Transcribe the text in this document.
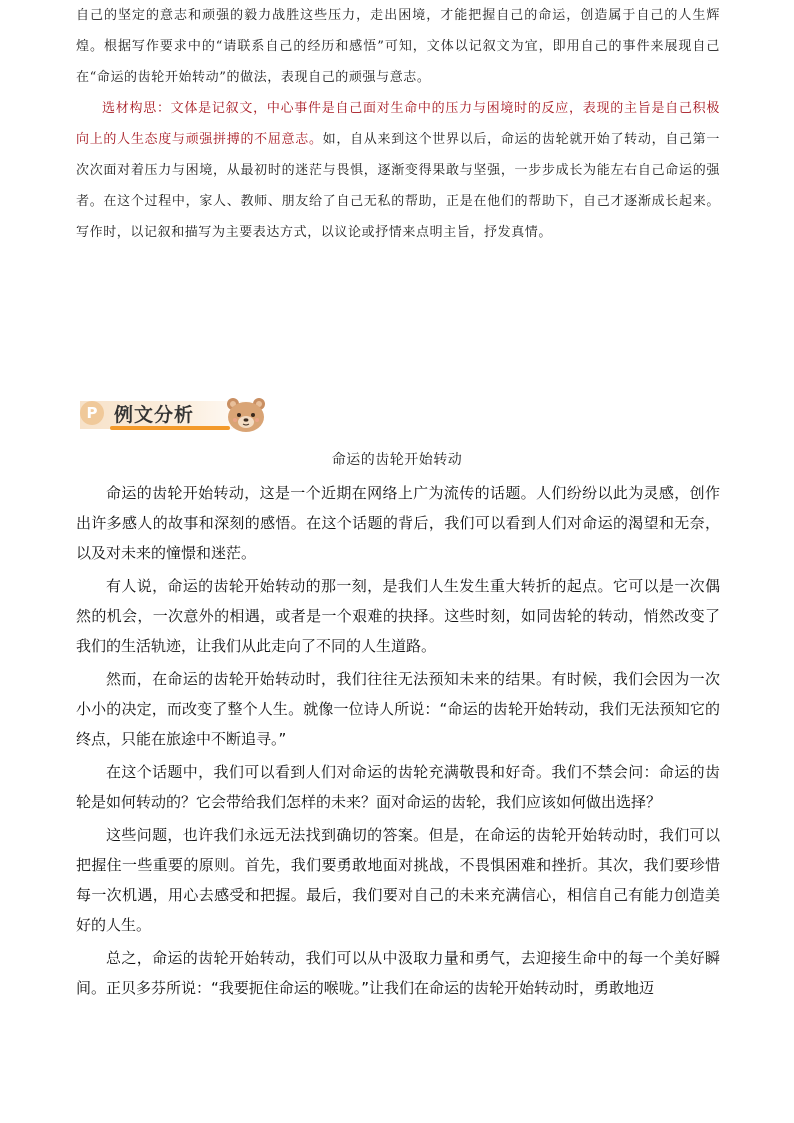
自己的坚定的意志和顽强的毅力战胜这些压力，走出困境，才能把握自己的命运，创造属于自己的人生辉煌。根据写作要求中的“请联系自己的经历和感悟”可知，文体以记叙文为宜，即用自己的事件来展现自己在“命运的齿轮开始转动”的做法，表现自己的顽强与意志。

选材构思：文体是记叙文，中心事件是自己面对生命中的压力与困境时的反应，表现的主旨是自己积极向上的人生态度与顽强拼搏的不屈意志。如，自从来到这个世界以后，命运的齿轮就开始了转动，自己第一次次面对着压力与困境，从最初时的迷茫与畏惧，逐渐变得果敢与坚强，一步步成长为能左右自己命运的强者。在这个过程中，家人、教师、朋友给了自己无私的帮助，正是在他们的帮助下，自己才逐渐成长起来。写作时，以记叙和描写为主要表达方式，以议论或抒情来点明主旨，抒发真情。

P 例文分析
命运的齿轮开始转动

命运的齿轮开始转动，这是一个近期在网络上广为流传的话题。人们纷纷以此为灵感，创作出许多感人的故事和深刻的感悟。在这个话题的背后，我们可以看到人们对命运的渴望和无奈，以及对未来的憧憬和迷茫。

有人说，命运的齿轮开始转动的那一刻，是我们人生发生重大转折的起点。它可以是一次偶然的机会，一次意外的相遇，或者是一个艰难的抉择。这些时刻，如同齿轮的转动，悄然改变了我们的生活轨迹，让我们从此走向了不同的人生道路。

然而，在命运的齿轮开始转动时，我们往往无法预知未来的结果。有时候，我们会因为一次小小的决定，而改变了整个人生。就像一位诗人所说：“命运的齿轮开始转动，我们无法预知它的终点，只能在旅途中不断追寻。”

在这个话题中，我们可以看到人们对命运的齿轮充满敬畏和好奇。我们不禁会问：命运的齿轮是如何转动的？它会带给我们怎样的未来？面对命运的齿轮，我们应该如何做出选择？

这些问题，也许我们永远无法找到确切的答案。但是，在命运的齿轮开始转动时，我们可以把握住一些重要的原则。首先，我们要勇敢地面对挑战，不畏惧困难和挫折。其次，我们要珍惜每一次机遇，用心去感受和把握。最后，我们要对自己的未来充满信心，相信自己有能力创造美好的人生。

总之，命运的齿轮开始转动，我们可以从中汲取力量和勇气，去迎接生命中的每一个美好瞬间。正贝多芬所说：“我要扼住命运的喉咙。”让我们在命运的齿轮开始转动时，勇敢地迈
